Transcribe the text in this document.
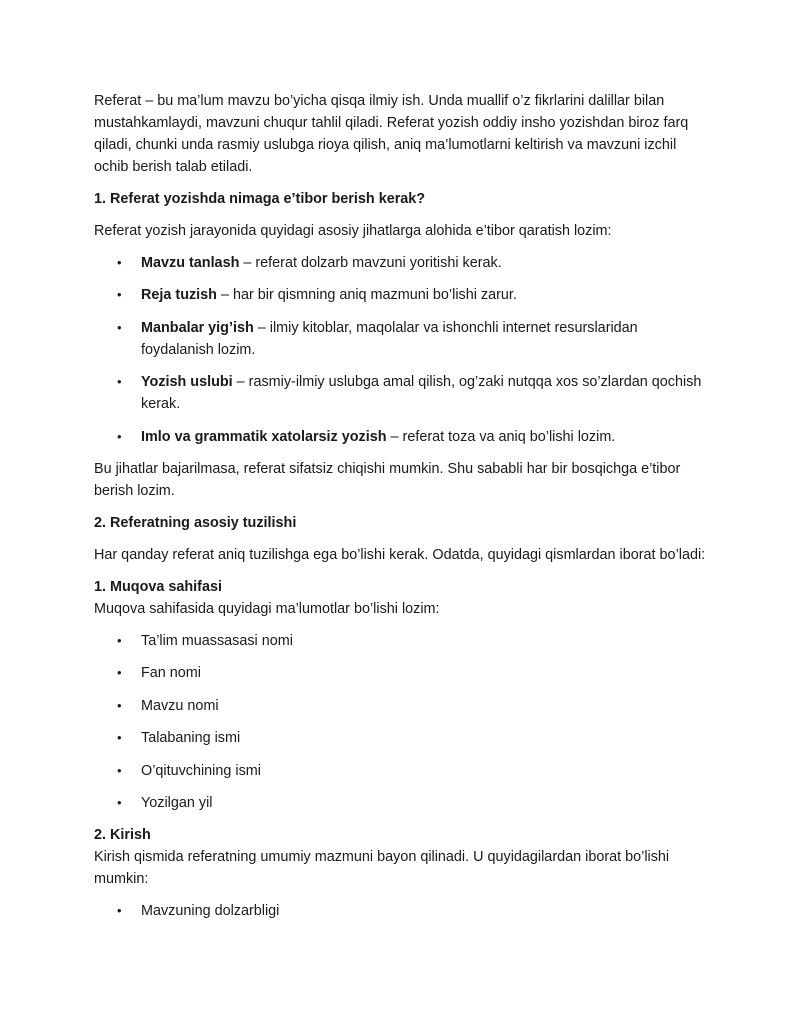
Referat – bu ma’lum mavzu bo’yicha qisqa ilmiy ish. Unda muallif o’z fikrlarini dalillar bilan mustahkamlaydi, mavzuni chuqur tahlil qiladi. Referat yozish oddiy insho yozishdan biroz farq qiladi, chunki unda rasmiy uslubga rioya qilish, aniq ma’lumotlarni keltirish va mavzuni izchil ochib berish talab etiladi.

1. Referat yozishda nimaga e’tibor berish kerak?

Referat yozish jarayonida quyidagi asosiy jihatlarga alohida e’tibor qaratish lozim:

• Mavzu tanlash – referat dolzarb mavzuni yoritishi kerak.
• Reja tuzish – har bir qismning aniq mazmuni bo’lishi zarur.
• Manbalar yig’ish – ilmiy kitoblar, maqolalar va ishonchli internet resurslaridan foydalanish lozim.
• Yozish uslubi – rasmiy-ilmiy uslubga amal qilish, og’zaki nutqqa xos so’zlardan qochish kerak.
• Imlo va grammatik xatolarsiz yozish – referat toza va aniq bo’lishi lozim.

Bu jihatlar bajarilmasa, referat sifatsiz chiqishi mumkin. Shu sababli har bir bosqichga e’tibor berish lozim.

2. Referatning asosiy tuzilishi

Har qanday referat aniq tuzilishga ega bo’lishi kerak. Odatda, quyidagi qismlardan iborat bo’ladi:

1. Muqova sahifasi

Muqova sahifasida quyidagi ma’lumotlar bo’lishi lozim:

• Ta’lim muassasasi nomi
• Fan nomi
• Mavzu nomi
• Talabaning ismi
• O’qituvchining ismi
• Yozilgan yil

2. Kirish

Kirish qismida referatning umumiy mazmuni bayon qilinadi. U quyidagilardan iborat bo’lishi mumkin:

• Mavzuning dolzarbligi
